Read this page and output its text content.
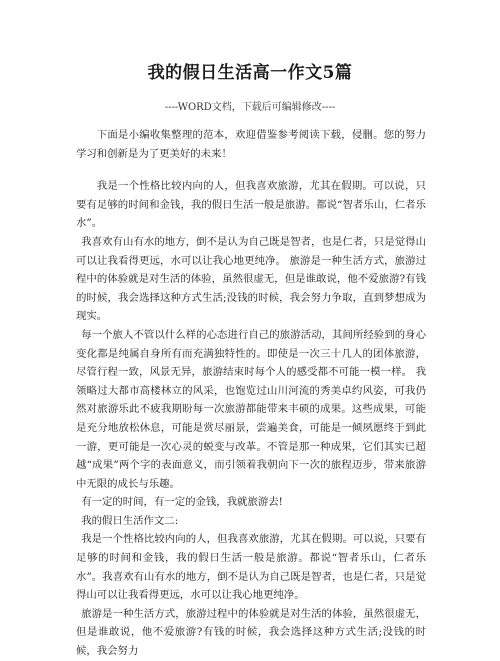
我的假日生活高一作文5篇
----WORD文档，下载后可编辑修改----

下面是小编收集整理的范本，欢迎借鉴参考阅读下载，侵删。您的努力学习和创新是为了更美好的未来！

我是一个性格比较内向的人，但我喜欢旅游，尤其在假期。可以说，只要有足够的时间和金钱，我的假日生活一般是旅游。都说“智者乐山，仁者乐水”。

我喜欢有山有水的地方，倒不是认为自己既是智者，也是仁者，只是觉得山可以让我看得更远，水可以让我心地更纯净。 旅游是一种生活方式，旅游过程中的体验就是对生活的体验，虽然很虚无，但是谁敢说，他不爱旅游?有钱的时候，我会选择这种方式生活;没钱的时候，我会努力争取，直到梦想成为现实。

每一个旅人不管以什么样的心态进行自己的旅游活动，其间所经验到的身心变化都是纯属自身所有而充满独特性的。即使是一次三十几人的团体旅游，尽管行程一致，风景无异，旅游结束时每个人的感受都不可能一模一样。 我领略过大都市高楼林立的风采，也饱览过山川河流的秀美卓约风姿，可我仍然对旅游乐此不疲我期盼每一次旅游都能带来丰硕的成果。这些成果，可能是充分地放松休息，可能是赏尽丽景，尝遍美食，可能是一倾夙愿终于到此一游，更可能是一次心灵的蜕变与改革。不管是那一种成果，它们其实已超越“成果”两个字的表面意义，而引领着我朝向下一次的旅程迈步，带来旅游中无限的成长与乐趣。

有一定的时间，有一定的金钱，我就旅游去!

我的假日生活作文二:

我是一个性格比较内向的人，但我喜欢旅游，尤其在假期。可以说，只要有足够的时间和金钱，我的假日生活一般是旅游。都说“智者乐山，仁者乐水”。我喜欢有山有水的地方，倒不是认为自己既是智者，也是仁者，只是觉得山可以让我看得更远，水可以让我心地更纯净。

旅游是一种生活方式，旅游过程中的体验就是对生活的体验，虽然很虚无，但是谁敢说，他不爱旅游?有钱的时候，我会选择这种方式生活;没钱的时候，我会努力
